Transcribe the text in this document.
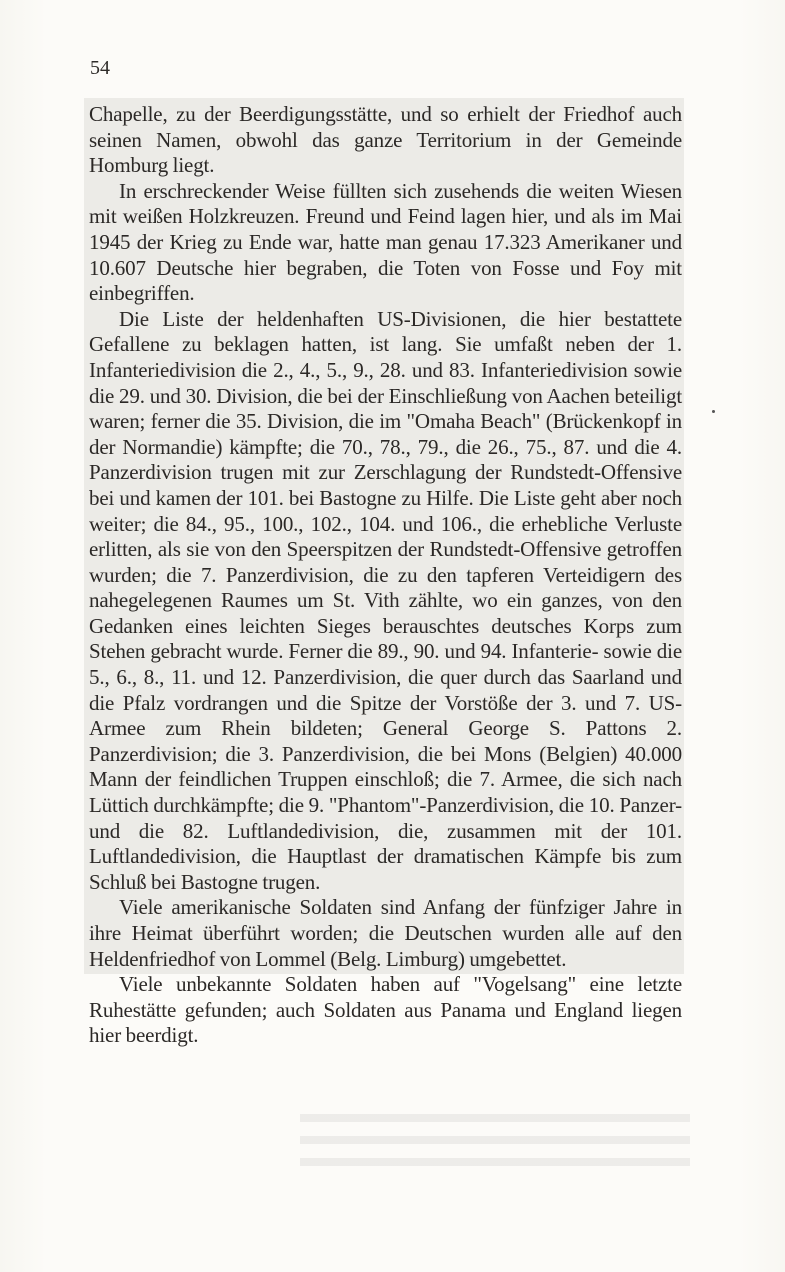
54

Chapelle, zu der Beerdigungsstätte, und so erhielt der Friedhof auch seinen Namen, obwohl das ganze Territorium in der Gemeinde Homburg liegt.

In erschreckender Weise füllten sich zusehends die weiten Wiesen mit weißen Holzkreuzen. Freund und Feind lagen hier, und als im Mai 1945 der Krieg zu Ende war, hatte man genau 17.323 Amerikaner und 10.607 Deutsche hier begraben, die Toten von Fosse und Foy mit einbegriffen.

Die Liste der heldenhaften US-Divisionen, die hier bestattete Gefallene zu beklagen hatten, ist lang. Sie umfaßt neben der 1. Infanteriedivision die 2., 4., 5., 9., 28. und 83. Infanteriedivision sowie die 29. und 30. Division, die bei der Einschließung von Aachen beteiligt waren; ferner die 35. Division, die im "Omaha Beach" (Brückenkopf in der Normandie) kämpfte; die 70., 78., 79., die 26., 75., 87. und die 4. Panzerdivision trugen mit zur Zerschlagung der Rundstedt-Offensive bei und kamen der 101. bei Bastogne zu Hilfe. Die Liste geht aber noch weiter; die 84., 95., 100., 102., 104. und 106., die erhebliche Verluste erlitten, als sie von den Speerspitzen der Rundstedt-Offensive getroffen wurden; die 7. Panzerdivision, die zu den tapferen Verteidigern des nahegelegenen Raumes um St. Vith zählte, wo ein ganzes, von den Gedanken eines leichten Sieges berauschtes deutsches Korps zum Stehen gebracht wurde. Ferner die 89., 90. und 94. Infanterie- sowie die 5., 6., 8., 11. und 12. Panzerdivision, die quer durch das Saarland und die Pfalz vordrangen und die Spitze der Vorstöße der 3. und 7. US-Armee zum Rhein bildeten; General George S. Pattons 2. Panzerdivision; die 3. Panzerdivision, die bei Mons (Belgien) 40.000 Mann der feindlichen Truppen einschloß; die 7. Armee, die sich nach Lüttich durchkämpfte; die 9. "Phantom"-Panzerdivision, die 10. Panzer- und die 82. Luftlandedivision, die, zusammen mit der 101. Luftlandedivision, die Hauptlast der dramatischen Kämpfe bis zum Schluß bei Bastogne trugen.

Viele amerikanische Soldaten sind Anfang der fünfziger Jahre in ihre Heimat überführt worden; die Deutschen wurden alle auf den Heldenfriedhof von Lommel (Belg. Limburg) umgebettet.

Viele unbekannte Soldaten haben auf "Vogelsang" eine letzte Ruhestätte gefunden; auch Soldaten aus Panama und England liegen hier beerdigt.
